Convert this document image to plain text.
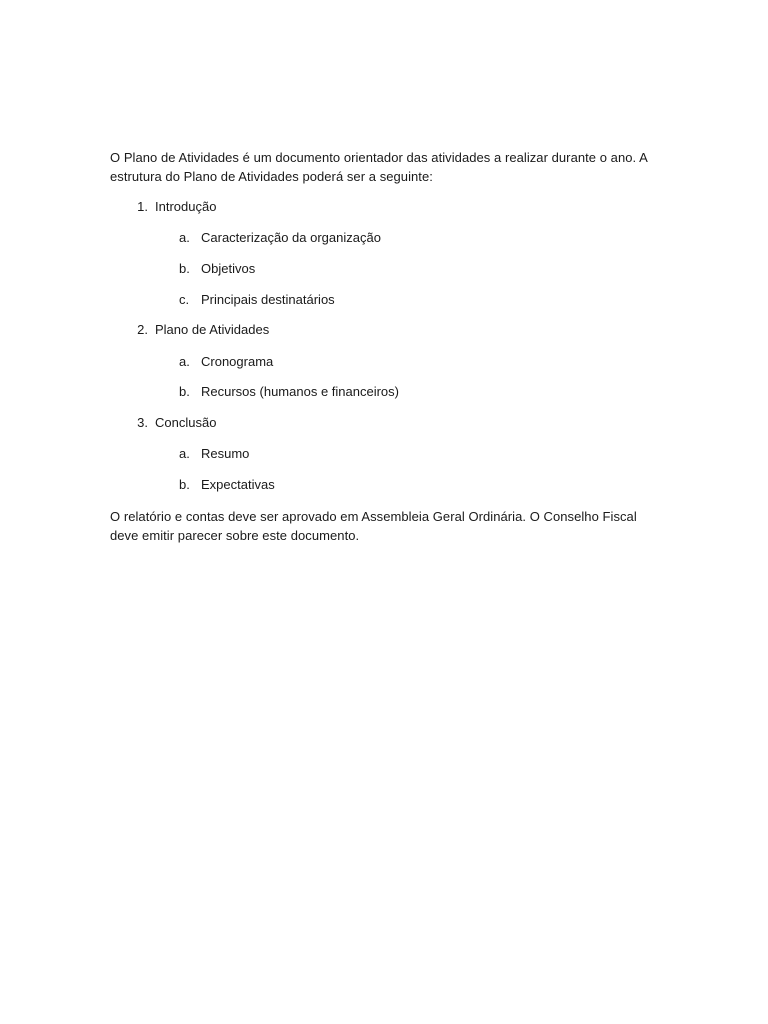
O Plano de Atividades é um documento orientador das atividades a realizar durante o ano. A estrutura do Plano de Atividades poderá ser a seguinte:

1. Introdução
a. Caracterização da organização
b. Objetivos
c. Principais destinatários
2. Plano de Atividades
a. Cronograma
b. Recursos (humanos e financeiros)
3. Conclusão
a. Resumo
b. Expectativas

O relatório e contas deve ser aprovado em Assembleia Geral Ordinária. O Conselho Fiscal deve emitir parecer sobre este documento.
